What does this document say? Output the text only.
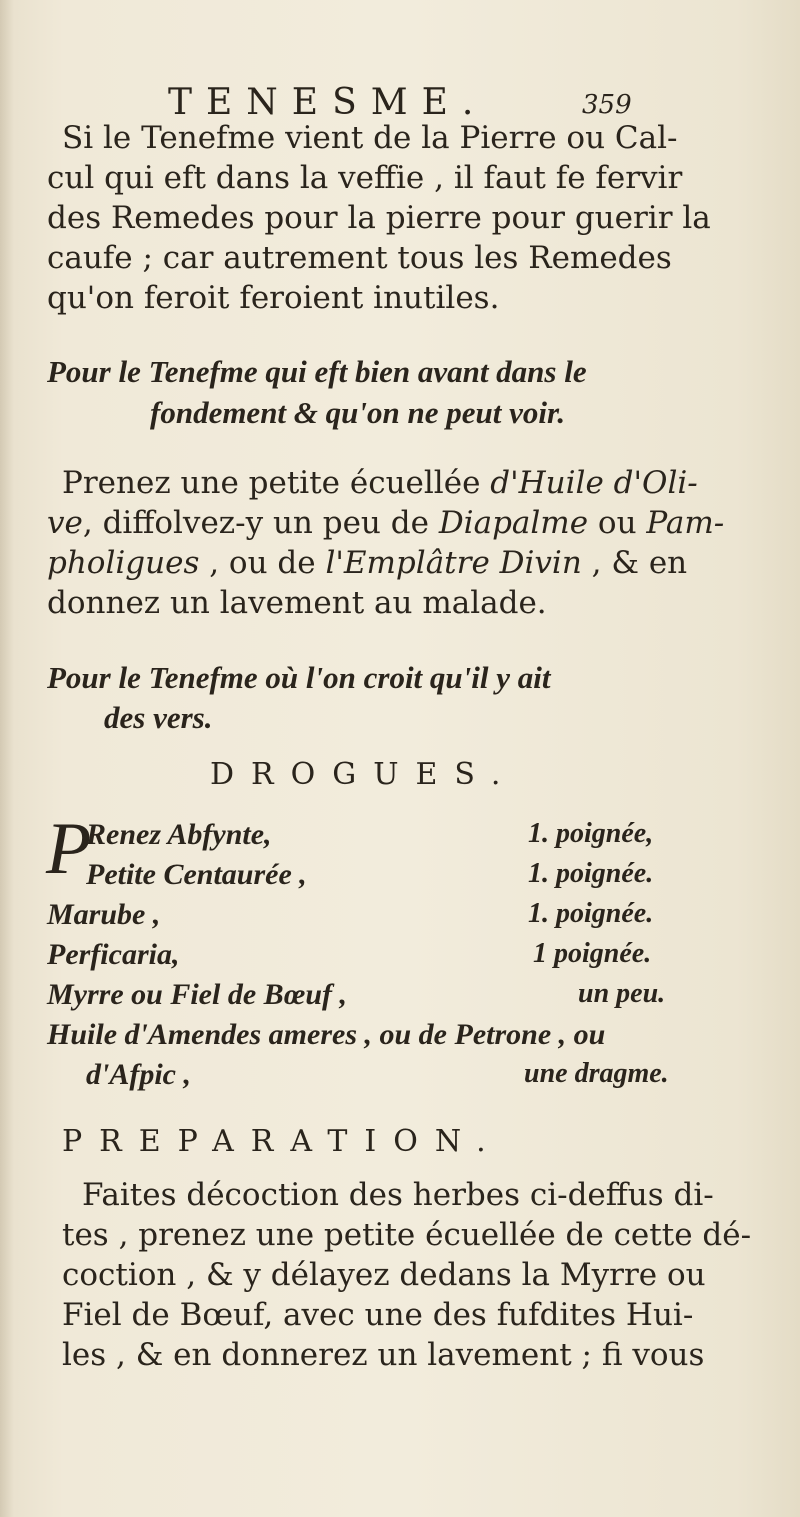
TENESME.	359
Si le Tenefme vient de la Pierre ou Cal-
cul qui eft dans la veffie , il faut fe fervir
des Remedes pour la pierre pour guerir la
caufe ; car autrement tous les Remedes
qu'on feroit feroient inutiles.
Pour le Tenefme qui eft bien avant dans le
fondement & qu'on ne peut voir.
Prenez une petite écuellée d'Huile d'Oli-
ve, diffolvez-y un peu de Diapalme ou Pam-
pholigues , ou de l'Emplâtre Divin , & en
donnez un lavement au malade.
Pour le Tenefme où l'on croit qu'il y ait
des vers.
DROGUES.
P
Renez Abfynte,	1. poignée,
Petite Centaurée ,	1. poignée.
Marube ,	1. poignée.
Perficaria,	1 poignée.
Myrre ou Fiel de Bœuf ,	un peu.
Huile d'Amendes ameres , ou de Petrone , ou
d'Afpic ,	une dragme.
PREPARATION.
Faites décoction des herbes ci-deffus di-
tes , prenez une petite écuellée de cette dé-
coction , & y délayez dedans la Myrre ou
Fiel de Bœuf, avec une des fufdites Hui-
les , & en donnerez un lavement ; fi vous
